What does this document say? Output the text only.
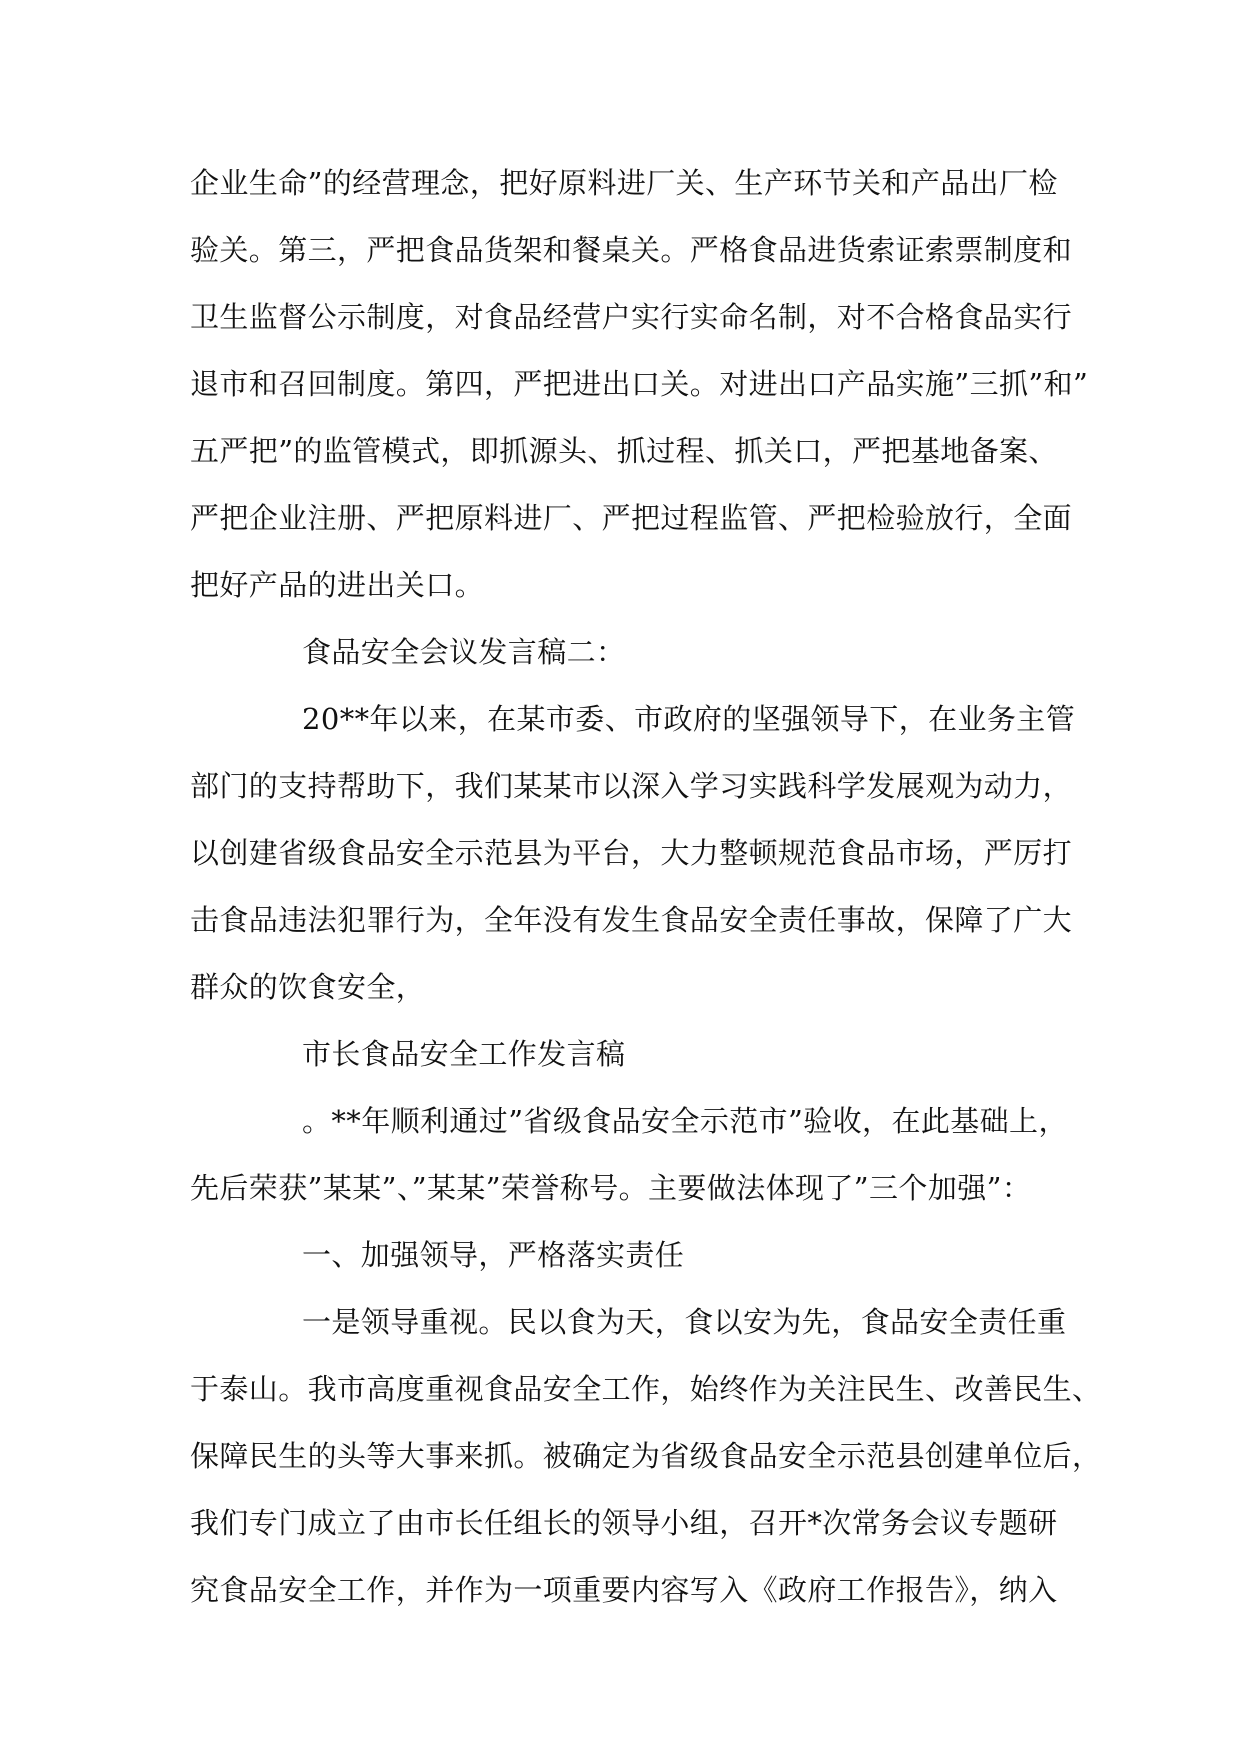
企业生命”的经营理念，把好原料进厂关、生产环节关和产品出厂检
验关。第三，严把食品货架和餐桌关。严格食品进货索证索票制度和
卫生监督公示制度，对食品经营户实行实命名制，对不合格食品实行
退市和召回制度。第四，严把进出口关。对进出口产品实施”三抓”和”
五严把”的监管模式，即抓源头、抓过程、抓关口，严把基地备案、
严把企业注册、严把原料进厂、严把过程监管、严把检验放行，全面
把好产品的进出关口。
食品安全会议发言稿二：
20**年以来，在某市委、市政府的坚强领导下，在业务主管
部门的支持帮助下，我们某某市以深入学习实践科学发展观为动力，
以创建省级食品安全示范县为平台，大力整顿规范食品市场，严厉打
击食品违法犯罪行为，全年没有发生食品安全责任事故，保障了广大
群众的饮食安全，
市长食品安全工作发言稿
。**年顺利通过”省级食品安全示范市”验收，在此基础上，
先后荣获”某某”、”某某”荣誉称号。主要做法体现了”三个加强”：
一、加强领导，严格落实责任
一是领导重视。民以食为天，食以安为先，食品安全责任重
于泰山。我市高度重视食品安全工作，始终作为关注民生、改善民生、
保障民生的头等大事来抓。被确定为省级食品安全示范县创建单位后，
我们专门成立了由市长任组长的领导小组，召开*次常务会议专题研
究食品安全工作，并作为一项重要内容写入《政府工作报告》，纳入
